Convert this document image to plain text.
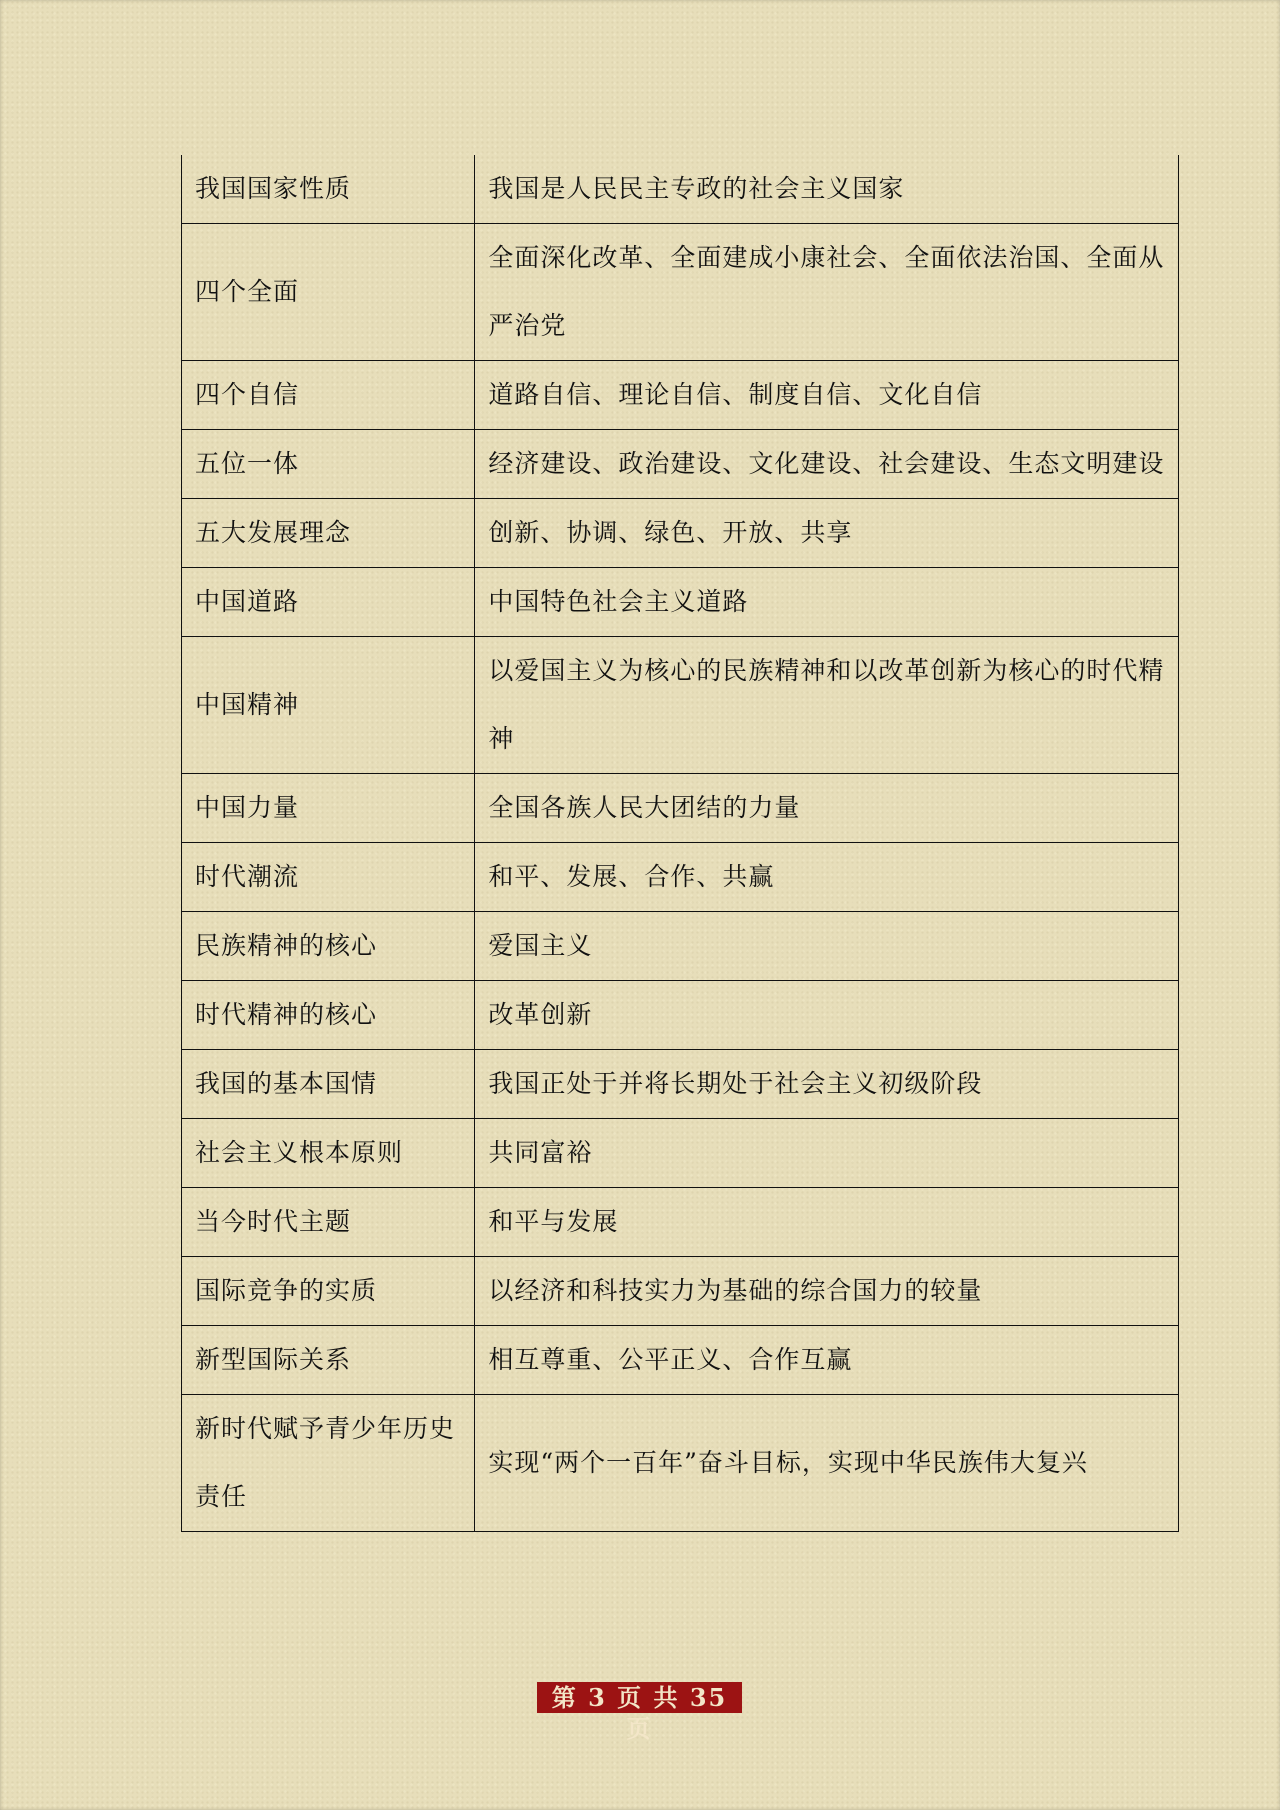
我国国家性质	我国是人民民主专政的社会主义国家
四个全面	全面深化改革、全面建成小康社会、全面依法治国、全面从严治党
四个自信	道路自信、理论自信、制度自信、文化自信
五位一体	经济建设、政治建设、文化建设、社会建设、生态文明建设
五大发展理念	创新、协调、绿色、开放、共享
中国道路	中国特色社会主义道路
中国精神	以爱国主义为核心的民族精神和以改革创新为核心的时代精神
中国力量	全国各族人民大团结的力量
时代潮流	和平、发展、合作、共赢
民族精神的核心	爱国主义
时代精神的核心	改革创新
我国的基本国情	我国正处于并将长期处于社会主义初级阶段
社会主义根本原则	共同富裕
当今时代主题	和平与发展
国际竞争的实质	以经济和科技实力为基础的综合国力的较量
新型国际关系	相互尊重、公平正义、合作互赢
新时代赋予青少年历史责任	实现“两个一百年”奋斗目标，实现中华民族伟大复兴
第 3 页 共 35 页
